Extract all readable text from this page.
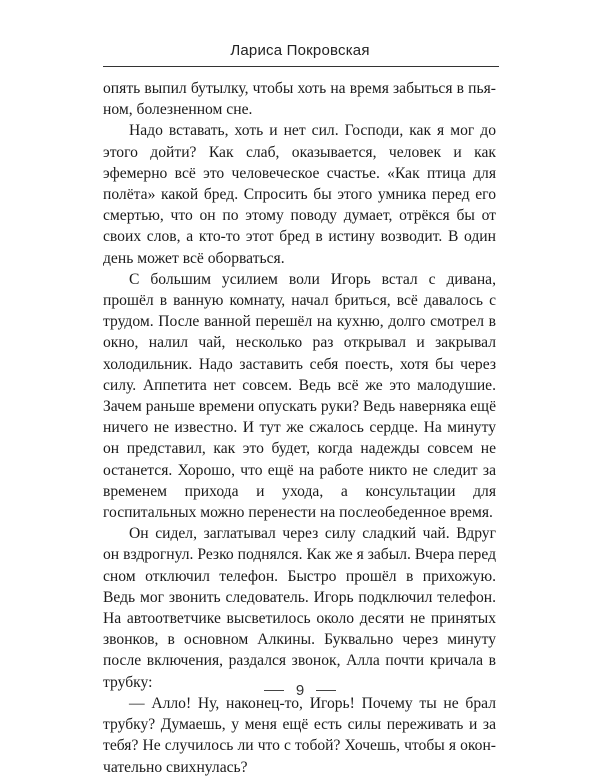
Лариса Покровская

опять выпил бутылку, чтобы хоть на время забыться в пьяном, болезненном сне.

Надо вставать, хоть и нет сил. Господи, как я мог до этого дойти? Как слаб, оказывается, человек и как эфемерно всё это человеческое счастье. «Как птица для полёта» какой бред. Спросить бы этого умника перед его смертью, что он по этому поводу думает, отрёкся бы от своих слов, а кто-то этот бред в истину возводит. В один день может всё оборваться.

С большим усилием воли Игорь встал с дивана, прошёл в ванную комнату, начал бриться, всё давалось с трудом. После ванной перешёл на кухню, долго смотрел в окно, налил чай, несколько раз открывал и закрывал холодильник. Надо заставить себя поесть, хотя бы через силу. Аппетита нет совсем. Ведь всё же это малодушие. Зачем раньше времени опускать руки? Ведь наверняка ещё ничего не известно. И тут же сжалось сердце. На минуту он представил, как это будет, когда надежды совсем не останется. Хорошо, что ещё на работе никто не следит за временем прихода и ухода, а консультации для госпитальных можно перенести на послеобеденное время.

Он сидел, заглатывал через силу сладкий чай. Вдруг он вздрогнул. Резко поднялся. Как же я забыл. Вчера перед сном отключил телефон. Быстро прошёл в прихожую. Ведь мог звонить следователь. Игорь подключил телефон. На автоответчике высветилось около десяти не принятых звонков, в основном Алкины. Буквально через минуту после включения, раздался звонок, Алла почти кричала в трубку:

— Алло! Ну, наконец-то, Игорь! Почему ты не брал трубку? Думаешь, у меня ещё есть силы переживать и за тебя? Не случилось ли что с тобой? Хочешь, чтобы я окончательно свихнулась?

9
